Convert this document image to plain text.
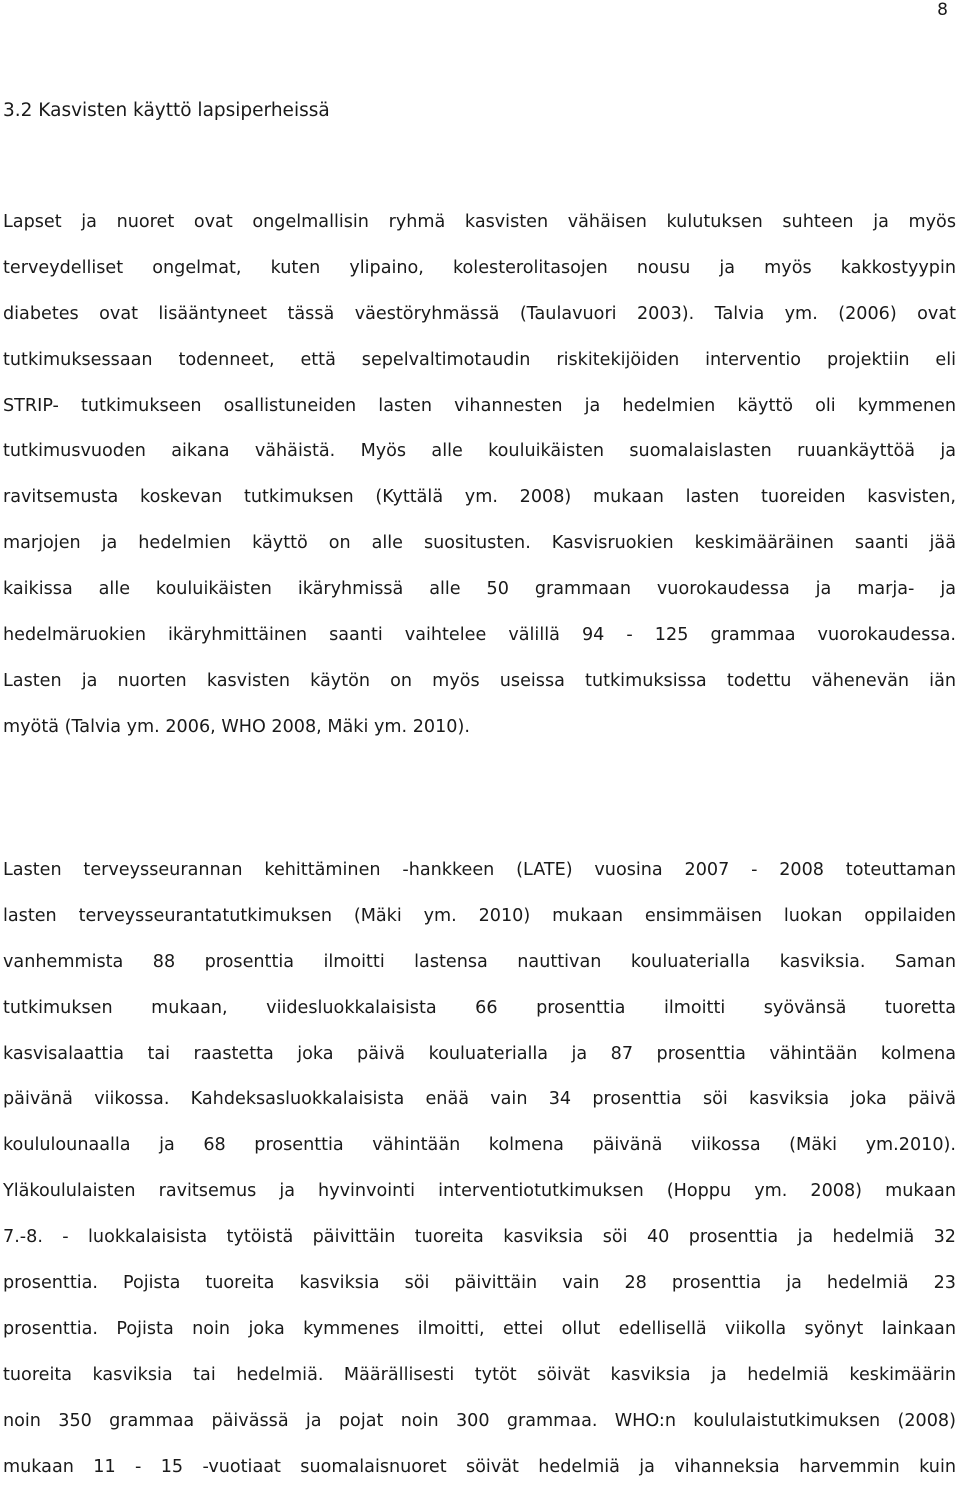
8
3.2 Kasvisten käyttö lapsiperheissä
Lapset ja nuoret ovat ongelmallisin ryhmä kasvisten vähäisen kulutuksen suhteen ja myös
terveydelliset ongelmat, kuten ylipaino, kolesterolitasojen nousu ja myös kakkostyypin
diabetes ovat lisääntyneet tässä väestöryhmässä (Taulavuori 2003). Talvia ym. (2006) ovat
tutkimuksessaan todenneet, että sepelvaltimotaudin riskitekijöiden interventio projektiin eli
STRIP- tutkimukseen osallistuneiden lasten vihannesten ja hedelmien käyttö oli kymmenen
tutkimusvuoden aikana vähäistä. Myös alle kouluikäisten suomalaislasten ruuankäyttöä ja
ravitsemusta koskevan tutkimuksen (Kyttälä ym. 2008) mukaan lasten tuoreiden kasvisten,
marjojen ja hedelmien käyttö on alle suositusten. Kasvisruokien keskimääräinen saanti jää
kaikissa alle kouluikäisten ikäryhmissä alle 50 grammaan vuorokaudessa ja marja- ja
hedelmäruokien ikäryhmittäinen saanti vaihtelee välillä 94 - 125 grammaa vuorokaudessa.
Lasten ja nuorten kasvisten käytön on myös useissa tutkimuksissa todettu vähenevän iän
myötä (Talvia ym. 2006, WHO 2008, Mäki ym. 2010).
Lasten terveysseurannan kehittäminen -hankkeen (LATE) vuosina 2007 - 2008 toteuttaman
lasten terveysseurantatutkimuksen (Mäki ym. 2010) mukaan ensimmäisen luokan oppilaiden
vanhemmista 88 prosenttia ilmoitti lastensa nauttivan kouluaterialla kasviksia. Saman
tutkimuksen mukaan, viidesluokkalaisista 66 prosenttia ilmoitti syövänsä tuoretta
kasvisalaattia tai raastetta joka päivä kouluaterialla ja 87 prosenttia vähintään kolmena
päivänä viikossa. Kahdeksasluokkalaisista enää vain 34 prosenttia söi kasviksia joka päivä
koululounaalla ja 68 prosenttia vähintään kolmena päivänä viikossa (Mäki ym.2010).
Yläkoululaisten ravitsemus ja hyvinvointi interventiotutkimuksen (Hoppu ym. 2008) mukaan
7.-8. - luokkalaisista tytöistä päivittäin tuoreita kasviksia söi 40 prosenttia ja hedelmiä 32
prosenttia. Pojista tuoreita kasviksia söi päivittäin vain 28 prosenttia ja hedelmiä 23
prosenttia. Pojista noin joka kymmenes ilmoitti, ettei ollut edellisellä viikolla syönyt lainkaan
tuoreita kasviksia tai hedelmiä. Määrällisesti tytöt söivät kasviksia ja hedelmiä keskimäärin
noin 350 grammaa päivässä ja pojat noin 300 grammaa. WHO:n koululaistutkimuksen (2008)
mukaan 11 - 15 -vuotiaat suomalaisnuoret söivät hedelmiä ja vihanneksia harvemmin kuin
